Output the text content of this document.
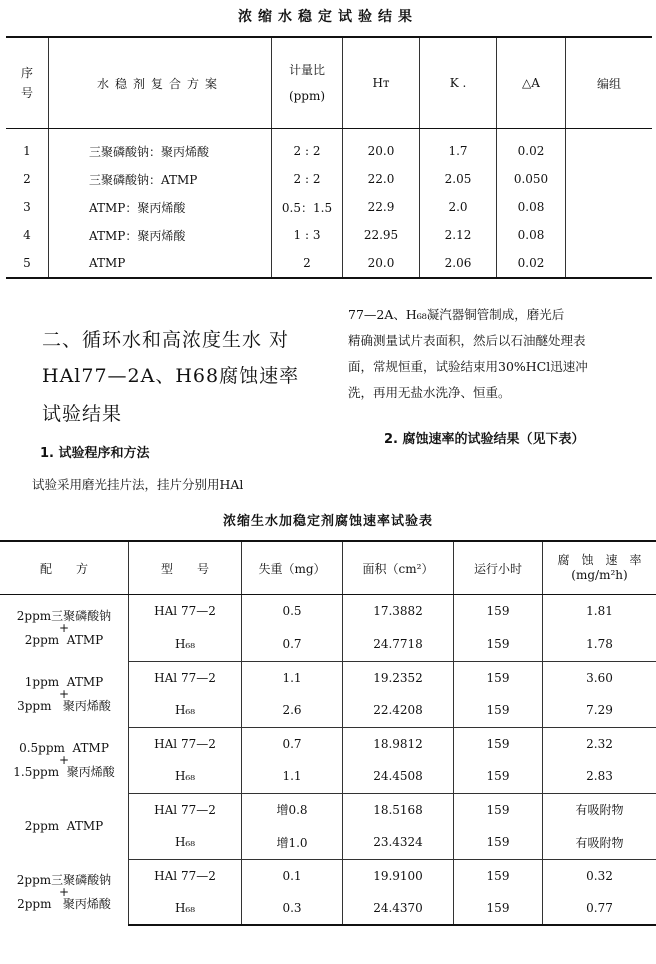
浓缩水稳定试验结果
序
号	水稳剂复合方案	计量比
(ppm)	Hᴛ	K .	△A	编组
1	三聚磷酸钠：聚丙烯酸	2 : 2	20.0	1.7	0.02	
2	三聚磷酸钠：ATMP	2 : 2	22.0	2.05	0.050	
3	ATMP：聚丙烯酸	0.5：1.5	22.9	2.0	0.08	
4	ATMP：聚丙烯酸	1 : 3	22.95	2.12	0.08	
5	ATMP	2	20.0	2.06	0.02	
二、循环水和高浓度生水 对
HAl77—2A、H68腐蚀速率
试验结果
1. 试验程序和方法
试验采用磨光挂片法，挂片分别用HAl
77—2A、H₆₈凝汽器铜管制成，磨光后
精确测量试片表面积，然后以石油醚处理表
面，常规恒重，试验结束用30%HCl迅速冲
洗，再用无盐水洗净、恒重。
2. 腐蚀速率的试验结果（见下表）
浓缩生水加稳定剂腐蚀速率试验表
配　　方	型　　号	失重（mg）	面积（cm²）	运行小时	腐　蚀　速　率
(mg/m²h)

2ppm三聚磷酸钠
+
2ppm  ATMP	HAl 77—2	0.5	17.3882	159	1.81
	H₆₈	0.7	24.7718	159	1.78

1ppm  ATMP
+
3ppm   聚丙烯酸	HAl 77—2	1.1	19.2352	159	3.60
	H₆₈	2.6	22.4208	159	7.29

0.5ppm  ATMP
+
1.5ppm  聚丙烯酸	HAl 77—2	0.7	18.9812	159	2.32
	H₆₈	1.1	24.4508	159	2.83

2ppm  ATMP	HAl 77—2	增0.8	18.5168	159	有吸附物
	H₆₈	增1.0	23.4324	159	有吸附物

2ppm三聚磷酸钠
+
2ppm   聚丙烯酸	HAl 77—2	0.1	19.9100	159	0.32
	H₆₈	0.3	24.4370	159	0.77
